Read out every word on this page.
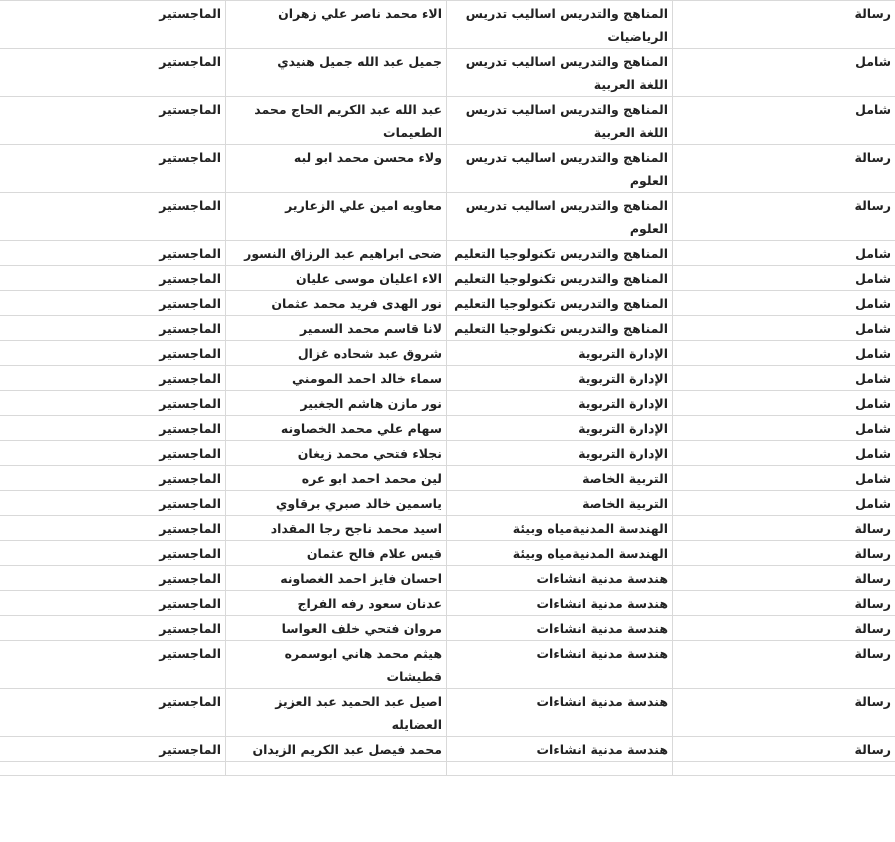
رسالة	المناهج والتدريس اساليب تدريس الرياضيات	الاء محمد ناصر علي زهران	الماجستير
شامل	المناهج والتدريس اساليب تدريس اللغة العربية	جميل عبد الله جميل هنيدي	الماجستير
شامل	المناهج والتدريس اساليب تدريس اللغة العربية	عبد الله عبد الكريم الحاج محمد الطعيمات	الماجستير
رسالة	المناهج والتدريس اساليب تدريس العلوم	ولاء محسن محمد ابو لبه	الماجستير
رسالة	المناهج والتدريس اساليب تدريس العلوم	معاويه امين علي الزعارير	الماجستير
شامل	المناهج والتدريس تكنولوجيا التعليم	ضحى ابراهيم عبد الرزاق النسور	الماجستير
شامل	المناهج والتدريس تكنولوجيا التعليم	الاء اعليان موسى عليان	الماجستير
شامل	المناهج والتدريس تكنولوجيا التعليم	نور الهدى فريد محمد عثمان	الماجستير
شامل	المناهج والتدريس تكنولوجيا التعليم	لانا قاسم محمد السمير	الماجستير
شامل	الإدارة التربوية	شروق عبد شحاده غزال	الماجستير
شامل	الإدارة التربوية	سماء خالد احمد المومني	الماجستير
شامل	الإدارة التربوية	نور مازن هاشم الجغبير	الماجستير
شامل	الإدارة التربوية	سهام علي محمد الخصاونه	الماجستير
شامل	الإدارة التربوية	نجلاء فتحي محمد زيغان	الماجستير
شامل	التربية الخاصة	لين محمد احمد ابو عره	الماجستير
شامل	التربية الخاصة	ياسمين خالد صبري برقاوي	الماجستير
رسالة	الهندسة المدنيةمياه وبيئة	اسيد محمد ناجح رجا المقداد	الماجستير
رسالة	الهندسة المدنيةمياه وبيئة	قيس علام فالح عثمان	الماجستير
رسالة	هندسة مدنية انشاءات	احسان فايز احمد الغصاونه	الماجستير
رسالة	هندسة مدنية انشاءات	عدنان سعود رفه الفراج	الماجستير
رسالة	هندسة مدنية انشاءات	مروان فتحي خلف العواسا	الماجستير
رسالة	هندسة مدنية انشاءات	هيثم محمد هاني ابوسمره قطيشات	الماجستير
رسالة	هندسة مدنية انشاءات	اصيل عبد الحميد عبد العزيز العضايله	الماجستير
رسالة	هندسة مدنية انشاءات	محمد فيصل عبد الكريم الزيدان	الماجستير
